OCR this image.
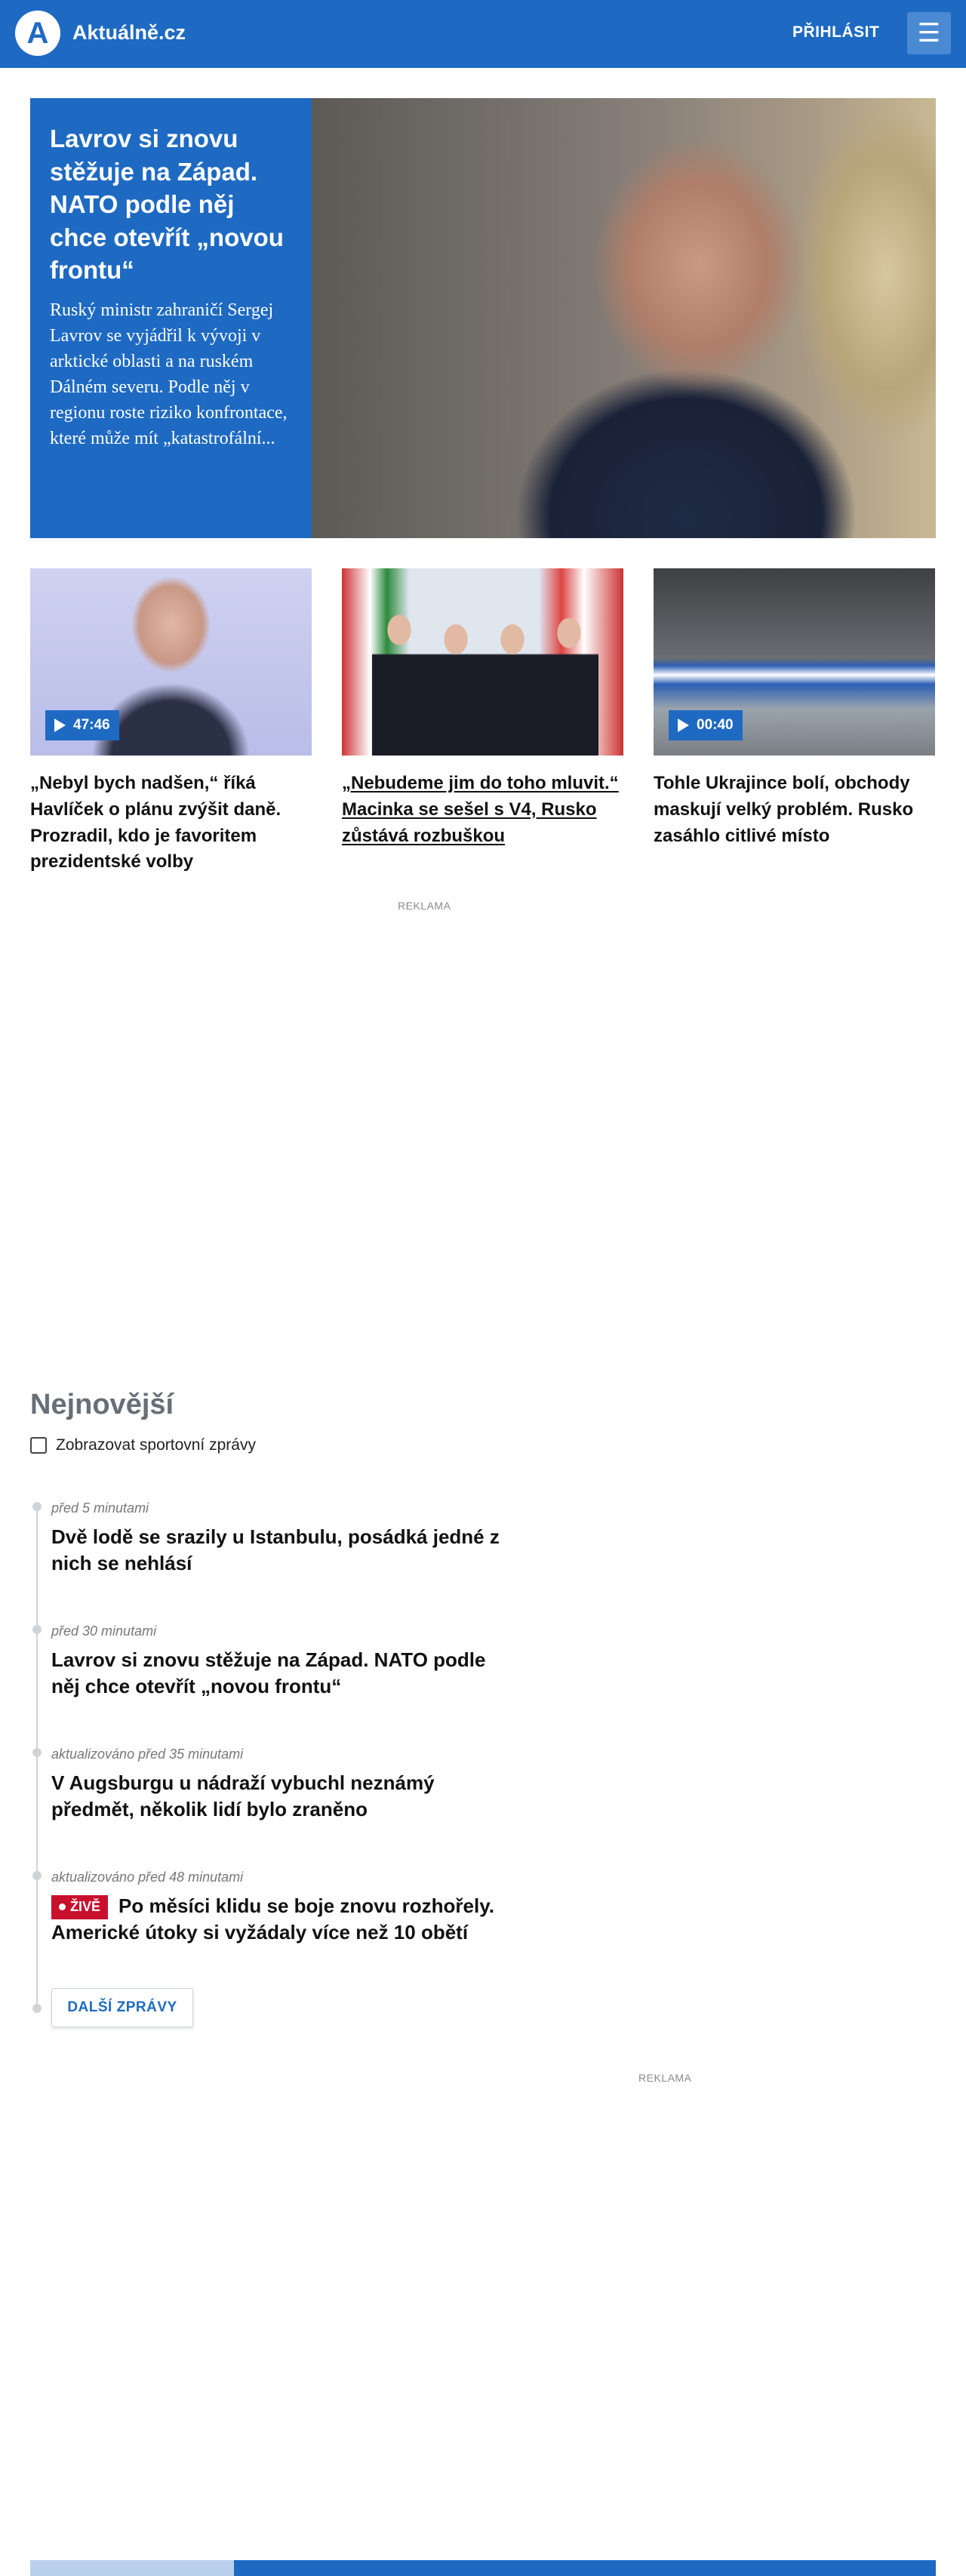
A Aktuálně.cz	PŘIHLÁSIT ☰
Lavrov si znovu stěžuje na Západ. NATO podle něj chce otevřít „novou frontu“
Ruský ministr zahraničí Sergej Lavrov se vyjádřil k vývoji v arktické oblasti a na ruském Dálném severu. Podle něj v regionu roste riziko konfrontace, které může mít „katastrofální...
47:46
„Nebyl bych nadšen,“ říká Havlíček o plánu zvýšit daně. Prozradil, kdo je favoritem prezidentské volby
„Nebudeme jim do toho mluvit.“ Macinka se sešel s V4, Rusko zůstává rozbuškou
00:40
Tohle Ukrajince bolí, obchody maskují velký problém. Rusko zasáhlo citlivé místo
REKLAMA
Nejnovější
Zobrazovat sportovní zprávy
před 5 minutami
Dvě lodě se srazily u Istanbulu, posádká jedné z nich se nehlásí
před 30 minutami
Lavrov si znovu stěžuje na Západ. NATO podle něj chce otevřít „novou frontu“
aktualizováno před 35 minutami
V Augsburgu u nádraží vybuchl neznámý předmět, několik lidí bylo zraněno
aktualizováno před 48 minutami
ŽIVĚ Po měsíci klidu se boje znovu rozhořely. Americké útoky si vyžádaly více než 10 obětí
DALŠÍ ZPRÁVY
REKLAMA
